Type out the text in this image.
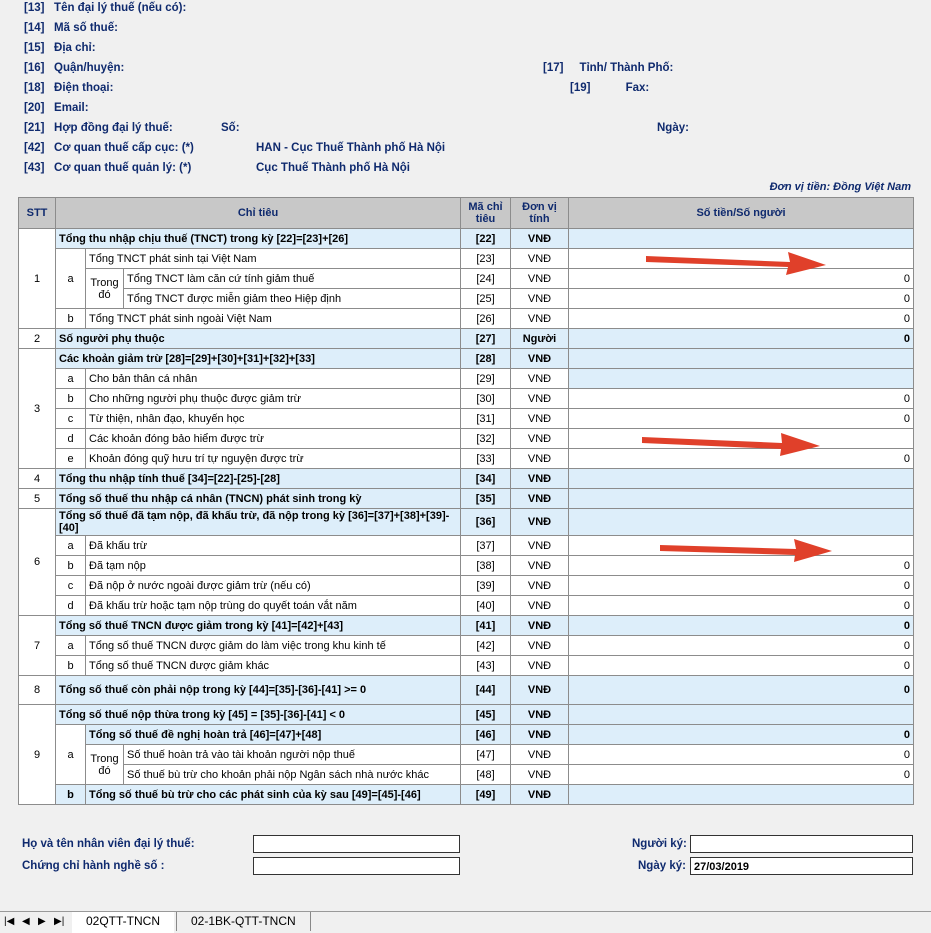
[13] Tên đại lý thuế (nếu có):
[14] Mã số thuế:
[15] Địa chỉ:
[16] Quận/huyện:	[17] Tỉnh/ Thành Phố:
[18] Điện thoại:	[19]	Fax:
[20] Email:
[21] Hợp đồng đại lý thuế:	Số:	Ngày:
[42] Cơ quan thuế cấp cục: (*)	HAN - Cục Thuế Thành phố Hà Nội
[43] Cơ quan thuế quản lý: (*)	Cục Thuế Thành phố Hà Nội
Đơn vị tiền: Đồng Việt Nam
STT	Chỉ tiêu			Mã chỉ tiêu	Đơn vị tính	Số tiền/Số người
1	Tổng thu nhập chịu thuế (TNCT) trong kỳ [22]=[23]+[26]			[22]	VNĐ	
	a	Tổng TNCT phát sinh tại Việt Nam		[23]	VNĐ	
		Trong đó	Tổng TNCT làm căn cứ tính giảm thuế	[24]	VNĐ	0
			Tổng TNCT được miễn giảm theo Hiệp định	[25]	VNĐ	0
	b	Tổng TNCT phát sinh ngoài Việt Nam		[26]	VNĐ	0
2	Số người phụ thuộc			[27]	Người	0
3	Các khoản giảm trừ [28]=[29]+[30]+[31]+[32]+[33]			[28]	VNĐ	
	a	Cho bản thân cá nhân		[29]	VNĐ	
	b	Cho những người phụ thuộc được giảm trừ		[30]	VNĐ	0
	c	Từ thiện, nhân đạo, khuyến học		[31]	VNĐ	0
	d	Các khoản đóng bảo hiểm được trừ		[32]	VNĐ	
	e	Khoản đóng quỹ hưu trí tự nguyện được trừ		[33]	VNĐ	0
4	Tổng thu nhập tính thuế [34]=[22]-[25]-[28]			[34]	VNĐ	
5	Tổng số thuế thu nhập cá nhân (TNCN) phát sinh trong kỳ			[35]	VNĐ	
6	Tổng số thuế đã tạm nộp, đã khấu trừ, đã nộp trong kỳ [36]=[37]+[38]+[39]-[40]			[36]	VNĐ	
	a	Đã khấu trừ		[37]	VNĐ	
	b	Đã tạm nộp		[38]	VNĐ	0
	c	Đã nộp ở nước ngoài được giảm trừ (nếu có)		[39]	VNĐ	0
	d	Đã khấu trừ hoặc tạm nộp trùng do quyết toán vắt năm		[40]	VNĐ	0
7	Tổng số thuế TNCN được giảm trong kỳ [41]=[42]+[43]			[41]	VNĐ	0
	a	Tổng số thuế TNCN được giảm do làm việc trong khu kinh tế		[42]	VNĐ	0
	b	Tổng số thuế TNCN được giảm khác		[43]	VNĐ	0
8	Tổng số thuế còn phải nộp trong kỳ [44]=[35]-[36]-[41] >= 0			[44]	VNĐ	0
9	Tổng số thuế nộp thừa trong kỳ [45] = [35]-[36]-[41] < 0			[45]	VNĐ	
	a	Tổng số thuế đề nghị hoàn trả [46]=[47]+[48]		[46]	VNĐ	0
		Trong đó	Số thuế hoàn trả vào tài khoản người nộp thuế	[47]	VNĐ	0
			Số thuế bù trừ cho khoản phải nộp Ngân sách nhà nước khác	[48]	VNĐ	0
	b	Tổng số thuế bù trừ cho các phát sinh của kỳ sau [49]=[45]-[46]		[49]	VNĐ	
Họ và tên nhân viên đại lý thuế:
Chứng chỉ hành nghề số :
Người ký:
Ngày ký: 27/03/2019
|◀ ◀ ▶ ▶|	02QTT-TNCN	02-1BK-QTT-TNCN
